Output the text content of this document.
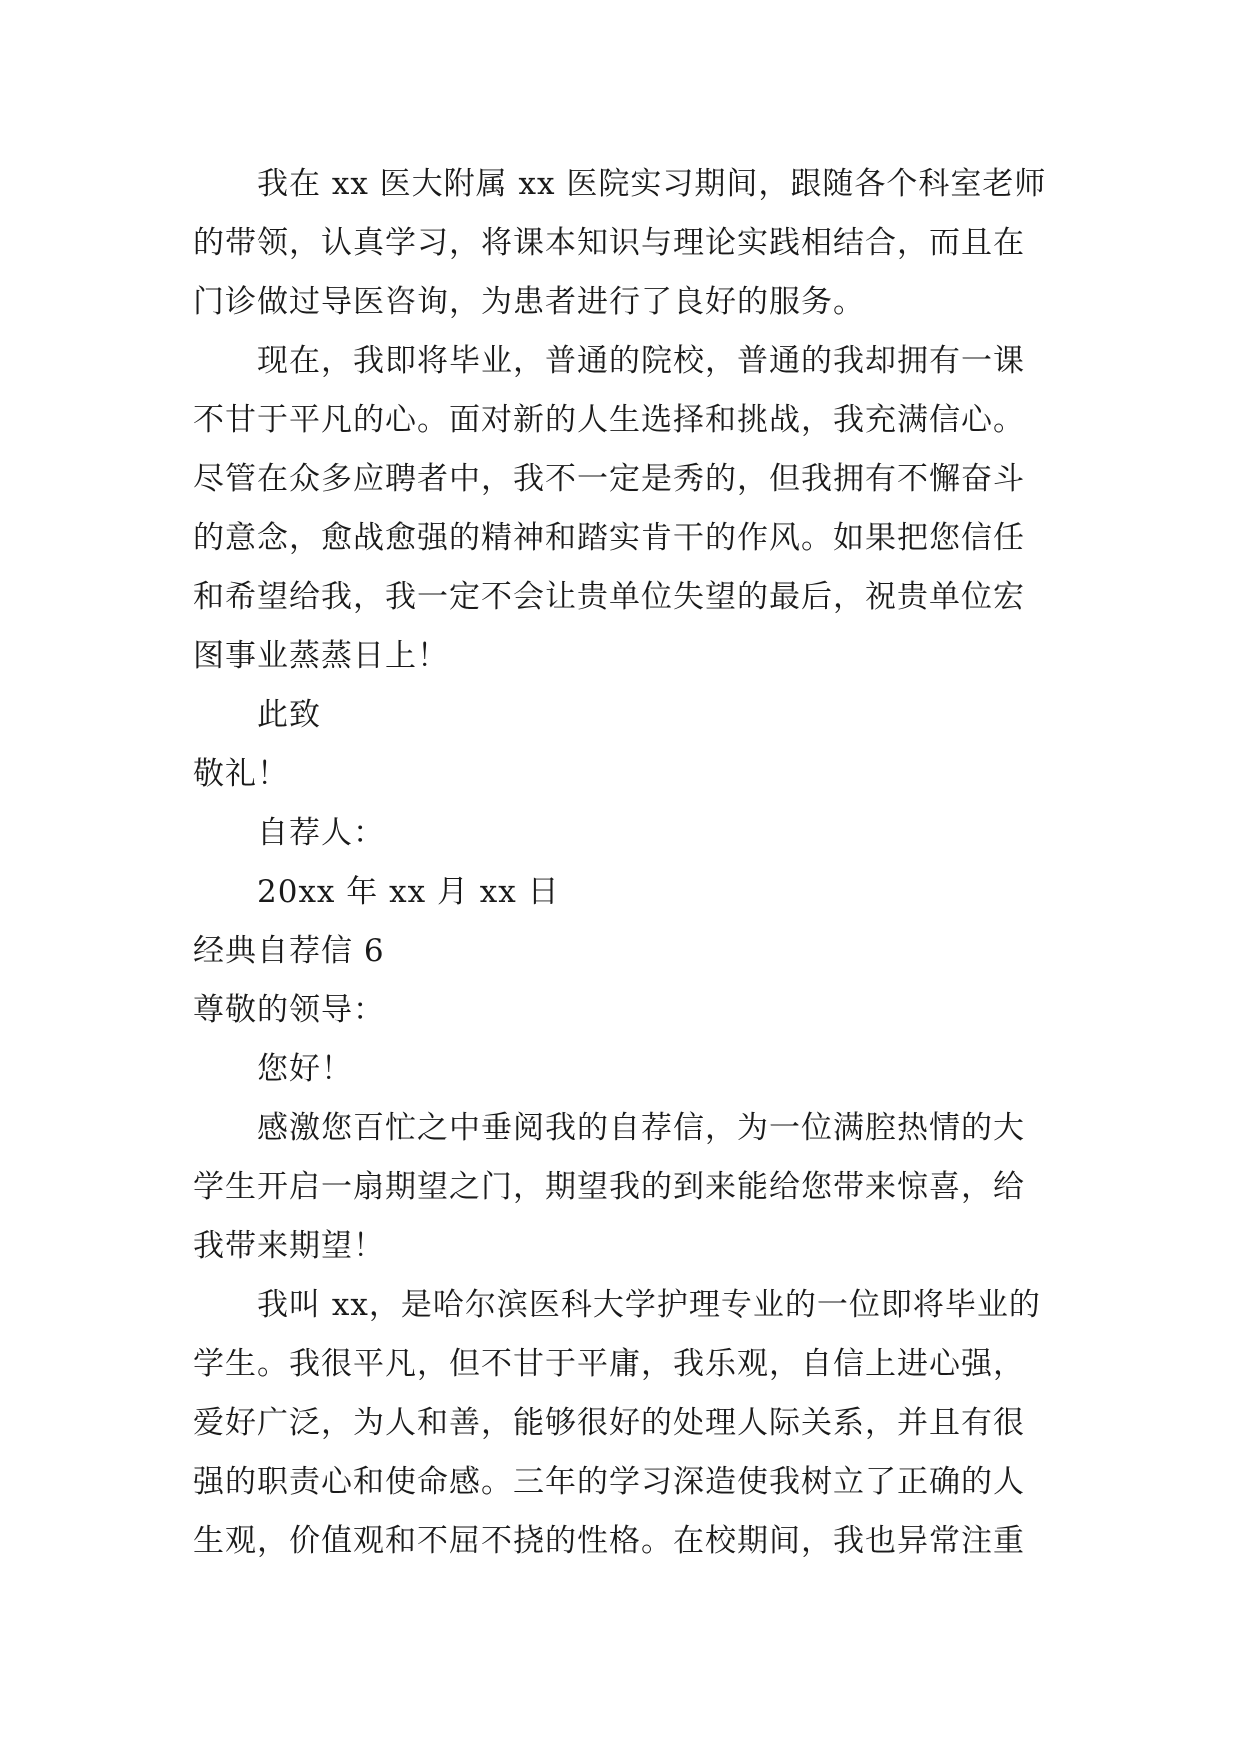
我在 xx 医大附属 xx 医院实习期间，跟随各个科室老师
的带领，认真学习，将课本知识与理论实践相结合，而且在
门诊做过导医咨询，为患者进行了良好的服务。
现在，我即将毕业，普通的院校，普通的我却拥有一课
不甘于平凡的心。面对新的人生选择和挑战，我充满信心。
尽管在众多应聘者中，我不一定是秀的，但我拥有不懈奋斗
的意念，愈战愈强的精神和踏实肯干的作风。如果把您信任
和希望给我，我一定不会让贵单位失望的最后，祝贵单位宏
图事业蒸蒸日上！
此致
敬礼！
自荐人：
20xx 年 xx 月 xx 日
经典自荐信 6
尊敬的领导：
您好！
感激您百忙之中垂阅我的自荐信，为一位满腔热情的大
学生开启一扇期望之门，期望我的到来能给您带来惊喜，给
我带来期望！
我叫 xx，是哈尔滨医科大学护理专业的一位即将毕业的
学生。我很平凡，但不甘于平庸，我乐观，自信上进心强，
爱好广泛，为人和善，能够很好的处理人际关系，并且有很
强的职责心和使命感。三年的学习深造使我树立了正确的人
生观，价值观和不屈不挠的性格。在校期间，我也异常注重
